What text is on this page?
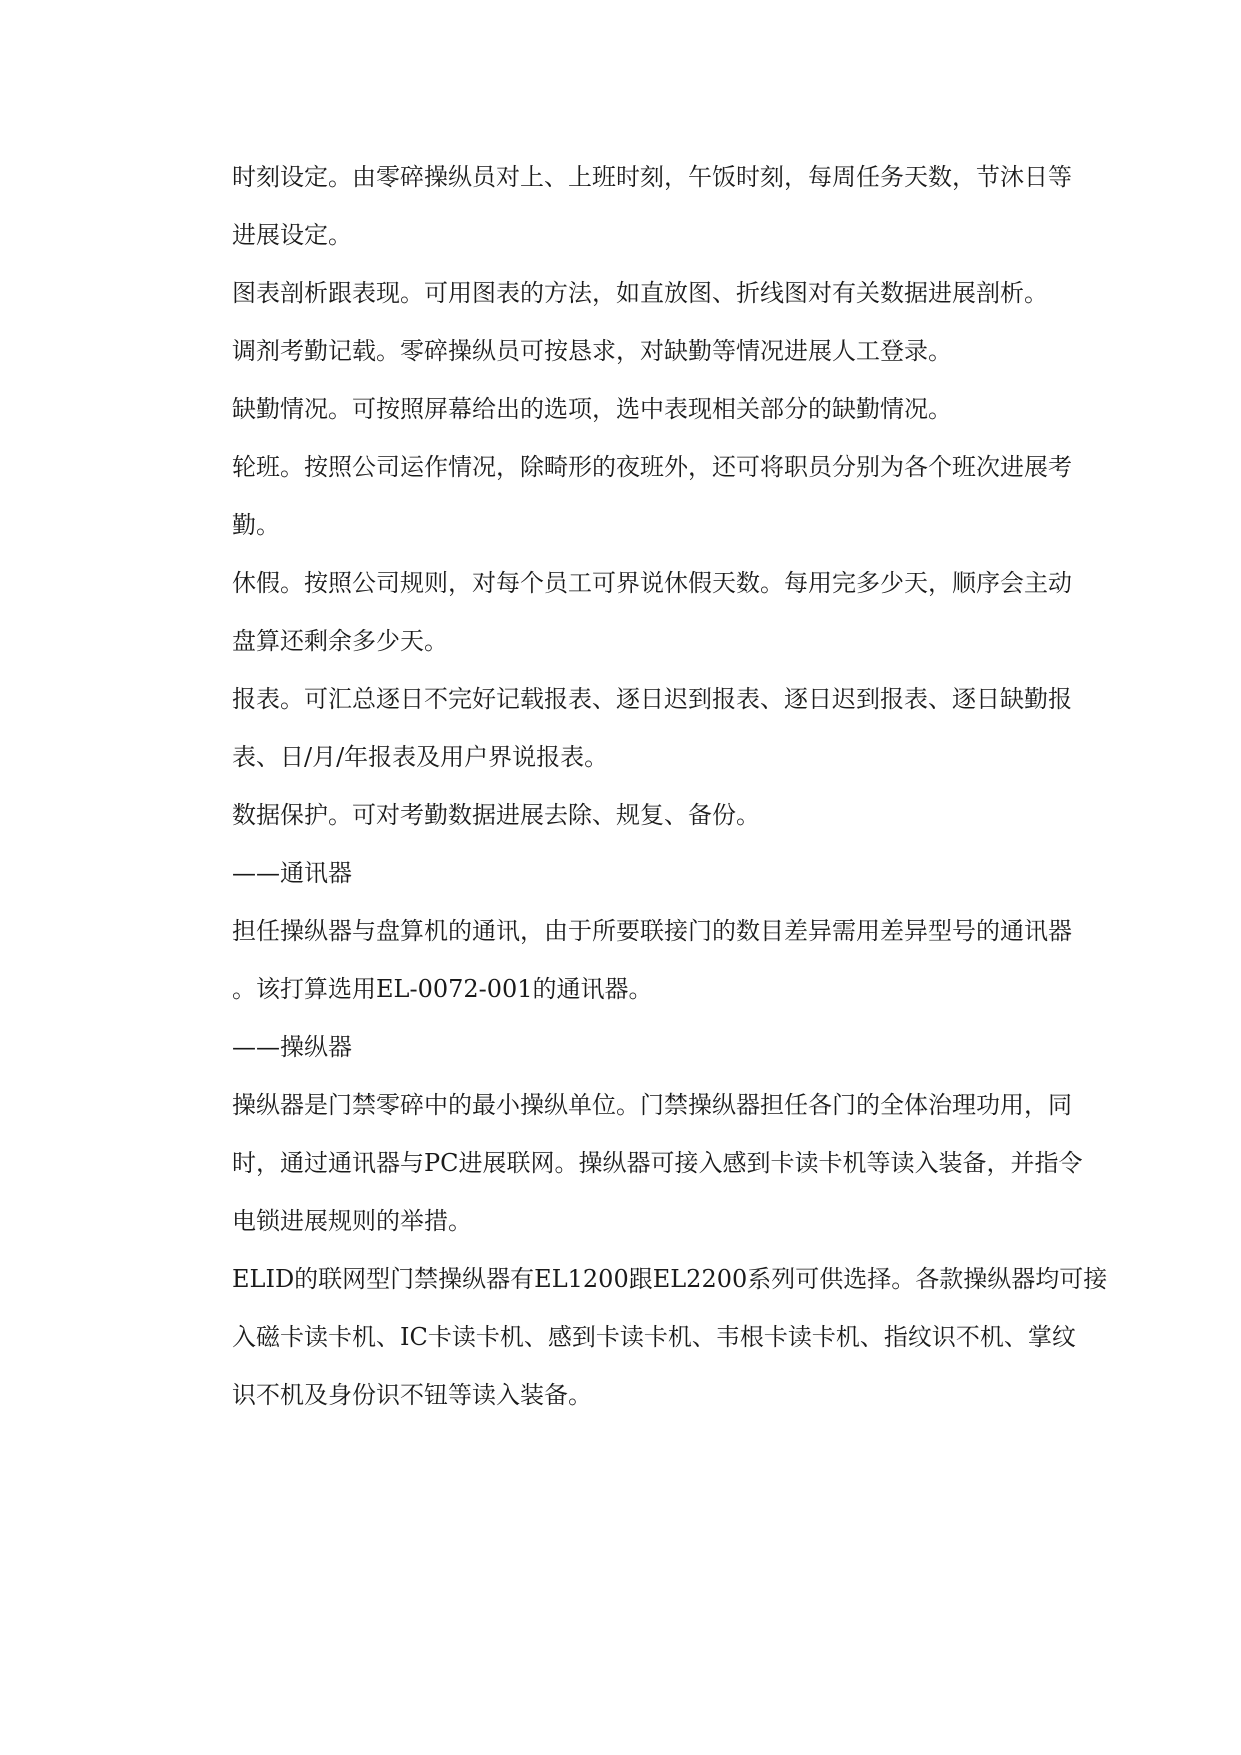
时刻设定。由零碎操纵员对上、上班时刻，午饭时刻，每周任务天数，节沐日等

进展设定。

图表剖析跟表现。可用图表的方法，如直放图、折线图对有关数据进展剖析。

调剂考勤记载。零碎操纵员可按恳求，对缺勤等情况进展人工登录。

缺勤情况。可按照屏幕给出的选项，选中表现相关部分的缺勤情况。

轮班。按照公司运作情况，除畸形的夜班外，还可将职员分别为各个班次进展考

勤。

休假。按照公司规则，对每个员工可界说休假天数。每用完多少天，顺序会主动

盘算还剩余多少天。

报表。可汇总逐日不完好记载报表、逐日迟到报表、逐日迟到报表、逐日缺勤报

表、日/月/年报表及用户界说报表。

数据保护。可对考勤数据进展去除、规复、备份。

——通讯器

担任操纵器与盘算机的通讯，由于所要联接门的数目差异需用差异型号的通讯器

。该打算选用EL-0072-001的通讯器。

——操纵器

操纵器是门禁零碎中的最小操纵单位。门禁操纵器担任各门的全体治理功用，同

时，通过通讯器与PC进展联网。操纵器可接入感到卡读卡机等读入装备，并指令

电锁进展规则的举措。

ELID的联网型门禁操纵器有EL1200跟EL2200系列可供选择。各款操纵器均可接

入磁卡读卡机、IC卡读卡机、感到卡读卡机、韦根卡读卡机、指纹识不机、掌纹

识不机及身份识不钮等读入装备。
